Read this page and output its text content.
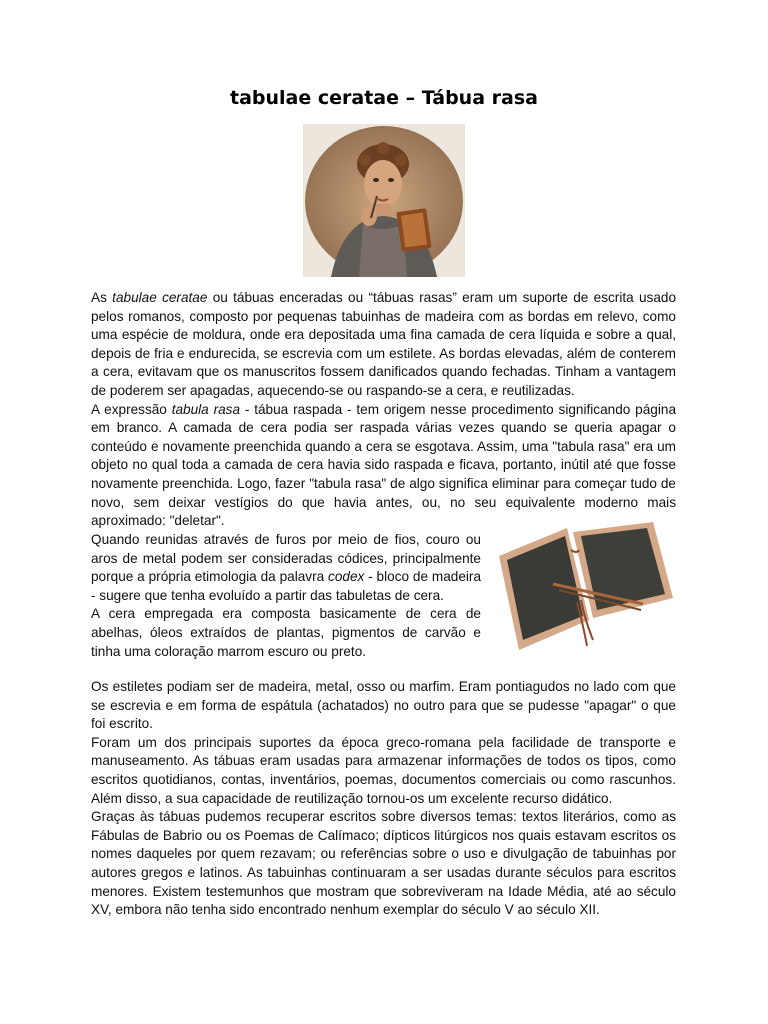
tabulae ceratae – Tábua rasa

As tabulae ceratae ou tábuas enceradas ou “tábuas rasas” eram um suporte de escrita usado pelos romanos, composto por pequenas tabuinhas de madeira com as bordas em relevo, como uma espécie de moldura, onde era depositada uma fina camada de cera líquida e sobre a qual, depois de fria e endurecida, se escrevia com um estilete. As bordas elevadas, além de conterem a cera, evitavam que os manuscritos fossem danificados quando fechadas. Tinham a vantagem de poderem ser apagadas, aquecendo-se ou raspando-se a cera, e reutilizadas.

A expressão tabula rasa - tábua raspada - tem origem nesse procedimento significando página em branco. A camada de cera podia ser raspada várias vezes quando se queria apagar o conteúdo e novamente preenchida quando a cera se esgotava. Assim, uma "tabula rasa" era um objeto no qual toda a camada de cera havia sido raspada e ficava, portanto, inútil até que fosse novamente preenchida. Logo, fazer "tabula rasa" de algo significa eliminar para começar tudo de novo, sem deixar vestígios do que havia antes, ou, no seu equivalente moderno mais aproximado: "deletar".

Quando reunidas através de furos por meio de fios, couro ou aros de metal podem ser consideradas códices, principalmente porque a própria etimologia da palavra codex - bloco de madeira - sugere que tenha evoluído a partir das tabuletas de cera.

A cera empregada era composta basicamente de cera de abelhas, óleos extraídos de plantas, pigmentos de carvão e tinha uma coloração marrom escuro ou preto.

Os estiletes podiam ser de madeira, metal, osso ou marfim. Eram pontiagudos no lado com que se escrevia e em forma de espátula (achatados) no outro para que se pudesse "apagar" o que foi escrito.

Foram um dos principais suportes da época greco-romana pela facilidade de transporte e manuseamento. As tábuas eram usadas para armazenar informações de todos os tipos, como escritos quotidianos, contas, inventários, poemas, documentos comerciais ou como rascunhos. Além disso, a sua capacidade de reutilização tornou-os um excelente recurso didático.

Graças às tábuas pudemos recuperar escritos sobre diversos temas: textos literários, como as Fábulas de Babrio ou os Poemas de Calímaco; dípticos litúrgicos nos quais estavam escritos os nomes daqueles por quem rezavam; ou referências sobre o uso e divulgação de tabuinhas por autores gregos e latinos. As tabuinhas continuaram a ser usadas durante séculos para escritos menores. Existem testemunhos que mostram que sobreviveram na Idade Média, até ao século XV, embora não tenha sido encontrado nenhum exemplar do século V ao século XII.
